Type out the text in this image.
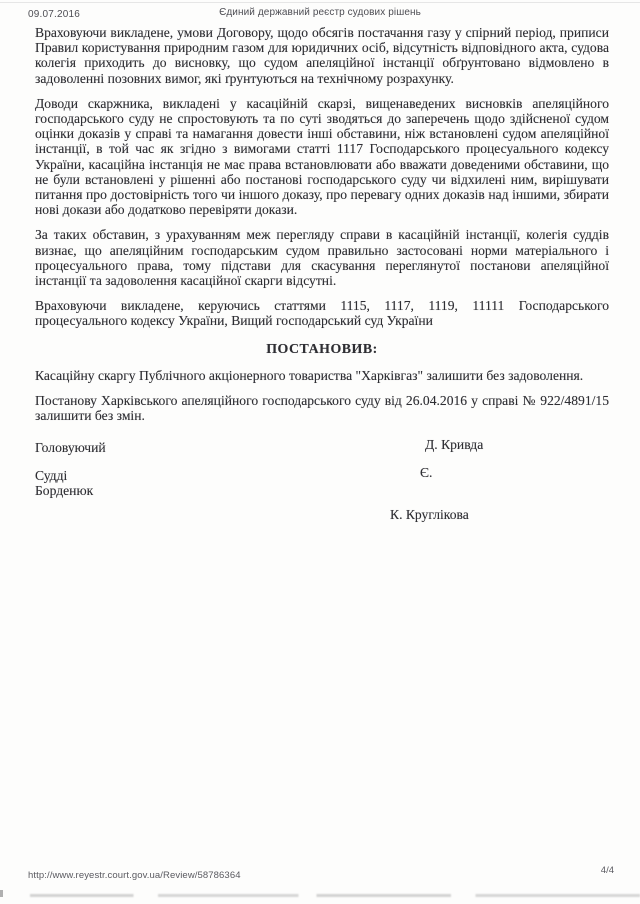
09.07.2016	Єдиний державний реєстр судових рішень

Враховуючи викладене, умови Договору, щодо обсягів постачання газу у спірний період, приписи Правил користування природним газом для юридичних осіб, відсутність відповідного акта, судова колегія приходить до висновку, що судом апеляційної інстанції обґрунтовано відмовлено в задоволенні позовних вимог, які ґрунтуються на технічному розрахунку.

Доводи скаржника, викладені у касаційній скарзі, вищенаведених висновків апеляційного господарського суду не спростовують та по суті зводяться до заперечень щодо здійсненої судом оцінки доказів у справі та намагання довести інші обставини, ніж встановлені судом апеляційної інстанції, в той час як згідно з вимогами статті 1117 Господарського процесуального кодексу України, касаційна інстанція не має права встановлювати або вважати доведеними обставини, що не були встановлені у рішенні або постанові господарського суду чи відхилені ним, вирішувати питання про достовірність того чи іншого доказу, про перевагу одних доказів над іншими, збирати нові докази або додатково перевіряти докази.

За таких обставин, з урахуванням меж перегляду справи в касаційній інстанції, колегія суддів визнає, що апеляційним господарським судом правильно застосовані норми матеріального і процесуального права, тому підстави для скасування переглянутої постанови апеляційної інстанції та задоволення касаційної скарги відсутні.

Враховуючи викладене, керуючись статтями 1115, 1117, 1119, 11111 Господарського процесуального кодексу України, Вищий господарський суд України

ПОСТАНОВИВ:

Касаційну скаргу Публічного акціонерного товариства "Харківгаз" залишити без задоволення.

Постанову Харківського апеляційного господарського суду від 26.04.2016 у справі № 922/4891/15 залишити без змін.

Головуючий	Д. Кривда
Судді	Є.
Борденюк
К. Круглікова
http://www.reyestr.court.gov.ua/Review/58786364	4/4
